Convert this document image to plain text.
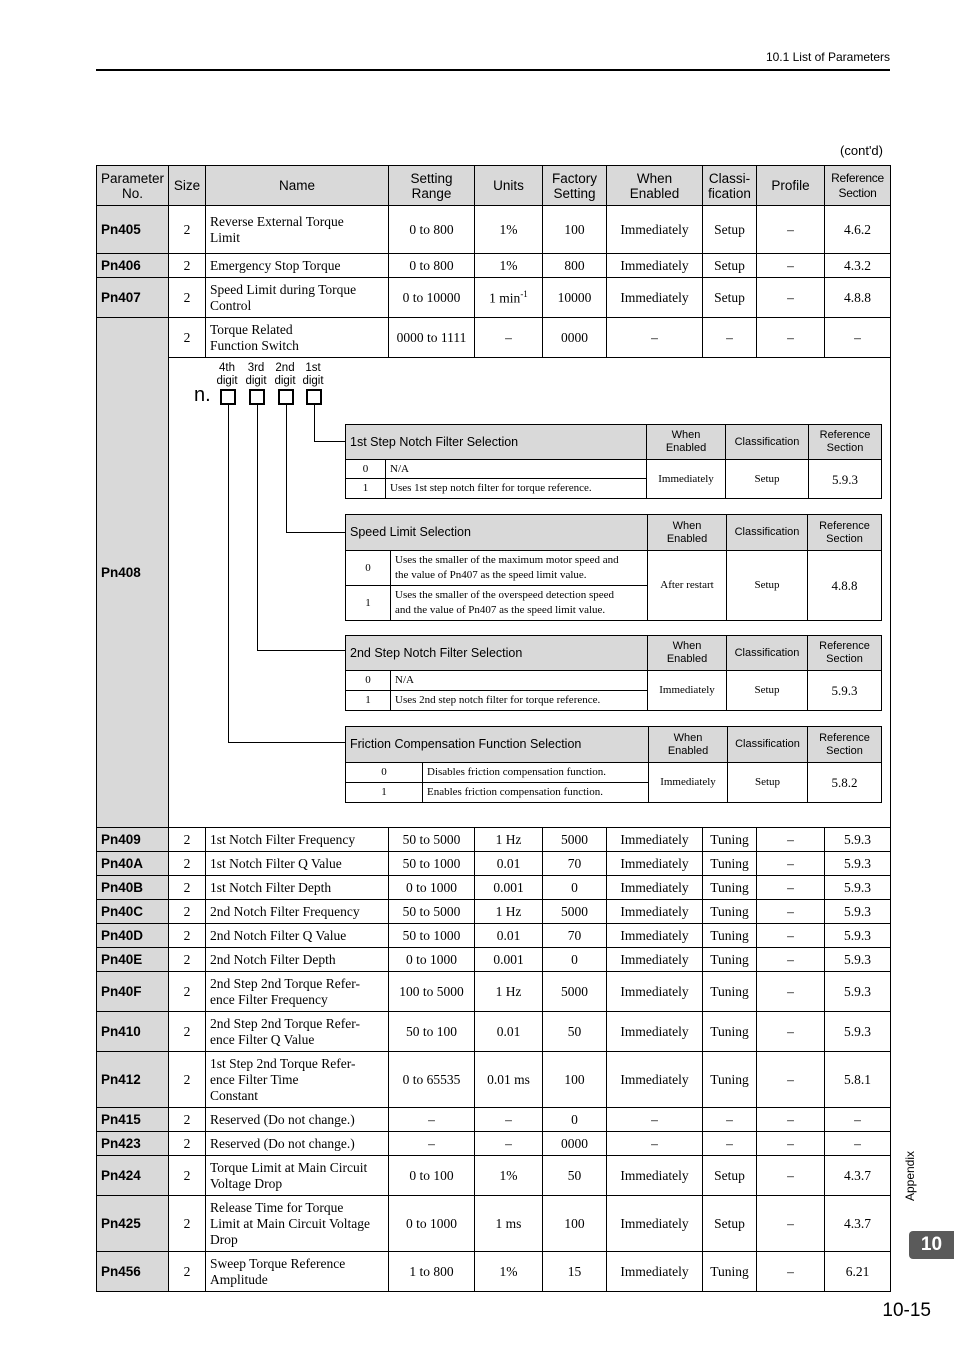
10.1 List of Parameters
(cont'd)
Parameter
No.	Size	Name	Setting
Range	Units	Factory
Setting	When
Enabled	Classi-
fication	Profile	Reference
Section
Pn405	2	Reverse External Torque
Limit	0 to 800	1%	100	Immediately	Setup	–	4.6.2
Pn406	2	Emergency Stop Torque	0 to 800	1%	800	Immediately	Setup	–	4.3.2
Pn407	2	Speed Limit during Torque
Control	0 to 10000	1 $\min^{-1}$	10000	Immediately	Setup	–	4.8.8
Pn408	2	Torque Related
Function Switch	0000 to 1111	–	0000	–	–	–	–

4th
digit
3rd
digit
2nd
digit
1st
digit
n.
1st Step Notch Filter Selection	When
Enabled	Classification	Reference
Section
0	N/A	Immediately	Setup	5.9.3
1	Uses 1st step notch filter for torque reference.
Speed Limit Selection	When
Enabled	Classification	Reference
Section
0	Uses the smaller of the maximum motor speed and
the value of Pn407 as the speed limit value.	After restart	Setup	4.8.8
1	Uses the smaller of the overspeed detection speed
and the value of Pn407 as the speed limit value.
2nd Step Notch Filter Selection	When
Enabled	Classification	Reference
Section
0	N/A	Immediately	Setup	5.9.3
1	Uses 2nd step notch filter for torque reference.
Friction Compensation Function Selection	When
Enabled	Classification	Reference
Section
0	Disables friction compensation function.	Immediately	Setup	5.8.2
1	Enables friction compensation function.

Pn409	2	1st Notch Filter Frequency	50 to 5000	1 Hz	5000	Immediately	Tuning	–	5.9.3
Pn40A	2	1st Notch Filter Q Value	50 to 1000	0.01	70	Immediately	Tuning	–	5.9.3
Pn40B	2	1st Notch Filter Depth	0 to 1000	0.001	0	Immediately	Tuning	–	5.9.3
Pn40C	2	2nd Notch Filter Frequency	50 to 5000	1 Hz	5000	Immediately	Tuning	–	5.9.3
Pn40D	2	2nd Notch Filter Q Value	50 to 1000	0.01	70	Immediately	Tuning	–	5.9.3
Pn40E	2	2nd Notch Filter Depth	0 to 1000	0.001	0	Immediately	Tuning	–	5.9.3
Pn40F	2	2nd Step 2nd Torque Refer-
ence Filter Frequency	100 to 5000	1 Hz	5000	Immediately	Tuning	–	5.9.3
Pn410	2	2nd Step 2nd Torque Refer-
ence Filter Q Value	50 to 100	0.01	50	Immediately	Tuning	–	5.9.3
Pn412	2	1st Step 2nd Torque Refer-
ence Filter Time
Constant	0 to 65535	0.01 ms	100	Immediately	Tuning	–	5.8.1
Pn415	2	Reserved (Do not change.)	–	–	0	–	–	–	–
Pn423	2	Reserved (Do not change.)	–	–	0000	–	–	–	–
Pn424	2	Torque Limit at Main Circuit
Voltage Drop	0 to 100	1%	50	Immediately	Setup	–	4.3.7
Pn425	2	Release Time for Torque
Limit at Main Circuit Voltage
Drop	0 to 1000	1 ms	100	Immediately	Setup	–	4.3.7
Pn456	2	Sweep Torque Reference
Amplitude	1 to 800	1%	15	Immediately	Tuning	–	6.21
Appendix
10
10-15
